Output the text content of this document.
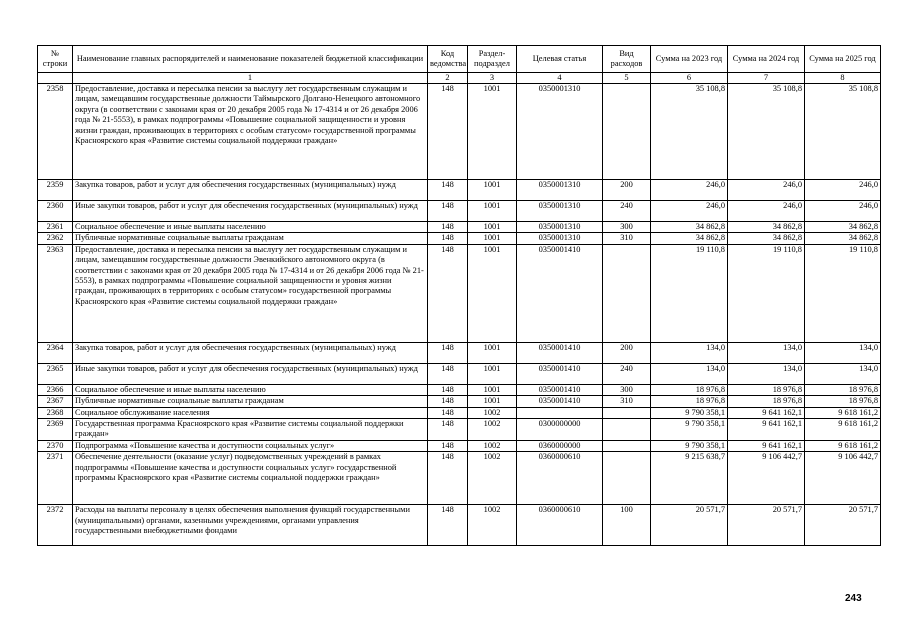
№ строки	Наименование главных распорядителей и наименование показателей бюджетной классификации	Код ведомства	Раздел-подраздел	Целевая статья	Вид расходов	Сумма на 2023 год	Сумма на 2024 год	Сумма на 2025 год
	1	2	3	4	5	6	7	8
2358	Предоставление, доставка и пересылка пенсии за выслугу лет государственным служащим и лицам, замещавшим государственные должности Таймырского Долгано-Ненецкого автономного округа (в соответствии с законами края от 20 декабря 2005 года № 17-4314 и от 26 декабря 2006 года № 21-5553), в рамках подпрограммы «Повышение социальной защищенности и уровня жизни граждан, проживающих в территориях с особым статусом» государственной программы Красноярского края «Развитие системы социальной поддержки граждан»	148	1001	0350001310		35 108,8	35 108,8	35 108,8
2359	Закупка товаров, работ и услуг для обеспечения государственных (муниципальных) нужд	148	1001	0350001310	200	246,0	246,0	246,0
2360	Иные закупки товаров, работ и услуг для обеспечения государственных (муниципальных) нужд	148	1001	0350001310	240	246,0	246,0	246,0
2361	Социальное обеспечение и иные выплаты населению	148	1001	0350001310	300	34 862,8	34 862,8	34 862,8
2362	Публичные нормативные социальные выплаты гражданам	148	1001	0350001310	310	34 862,8	34 862,8	34 862,8
2363	Предоставление, доставка и пересылка пенсии за выслугу лет государственным служащим и лицам, замещавшим государственные должности Эвенкийского автономного округа (в соответствии с законами края от 20 декабря 2005 года № 17-4314 и от 26 декабря 2006 года № 21-5553), в рамках подпрограммы «Повышение социальной защищенности и уровня жизни граждан, проживающих в территориях с особым статусом» государственной программы Красноярского края «Развитие системы социальной поддержки граждан»	148	1001	0350001410		19 110,8	19 110,8	19 110,8
2364	Закупка товаров, работ и услуг для обеспечения государственных (муниципальных) нужд	148	1001	0350001410	200	134,0	134,0	134,0
2365	Иные закупки товаров, работ и услуг для обеспечения государственных (муниципальных) нужд	148	1001	0350001410	240	134,0	134,0	134,0
2366	Социальное обеспечение и иные выплаты населению	148	1001	0350001410	300	18 976,8	18 976,8	18 976,8
2367	Публичные нормативные социальные выплаты гражданам	148	1001	0350001410	310	18 976,8	18 976,8	18 976,8
2368	Социальное обслуживание населения	148	1002			9 790 358,1	9 641 162,1	9 618 161,2
2369	Государственная программа Красноярского края «Развитие системы социальной поддержки граждан»	148	1002	0300000000		9 790 358,1	9 641 162,1	9 618 161,2
2370	Подпрограмма «Повышение качества и доступности социальных услуг»	148	1002	0360000000		9 790 358,1	9 641 162,1	9 618 161,2
2371	Обеспечение деятельности (оказание услуг) подведомственных учреждений в рамках подпрограммы «Повышение качества и доступности социальных услуг» государственной программы Красноярского края «Развитие системы социальной поддержки граждан»	148	1002	0360000610		9 215 638,7	9 106 442,7	9 106 442,7
2372	Расходы на выплаты персоналу в целях обеспечения выполнения функций государственными (муниципальными) органами, казенными учреждениями, органами управления государственными внебюджетными фондами	148	1002	0360000610	100	20 571,7	20 571,7	20 571,7
243
